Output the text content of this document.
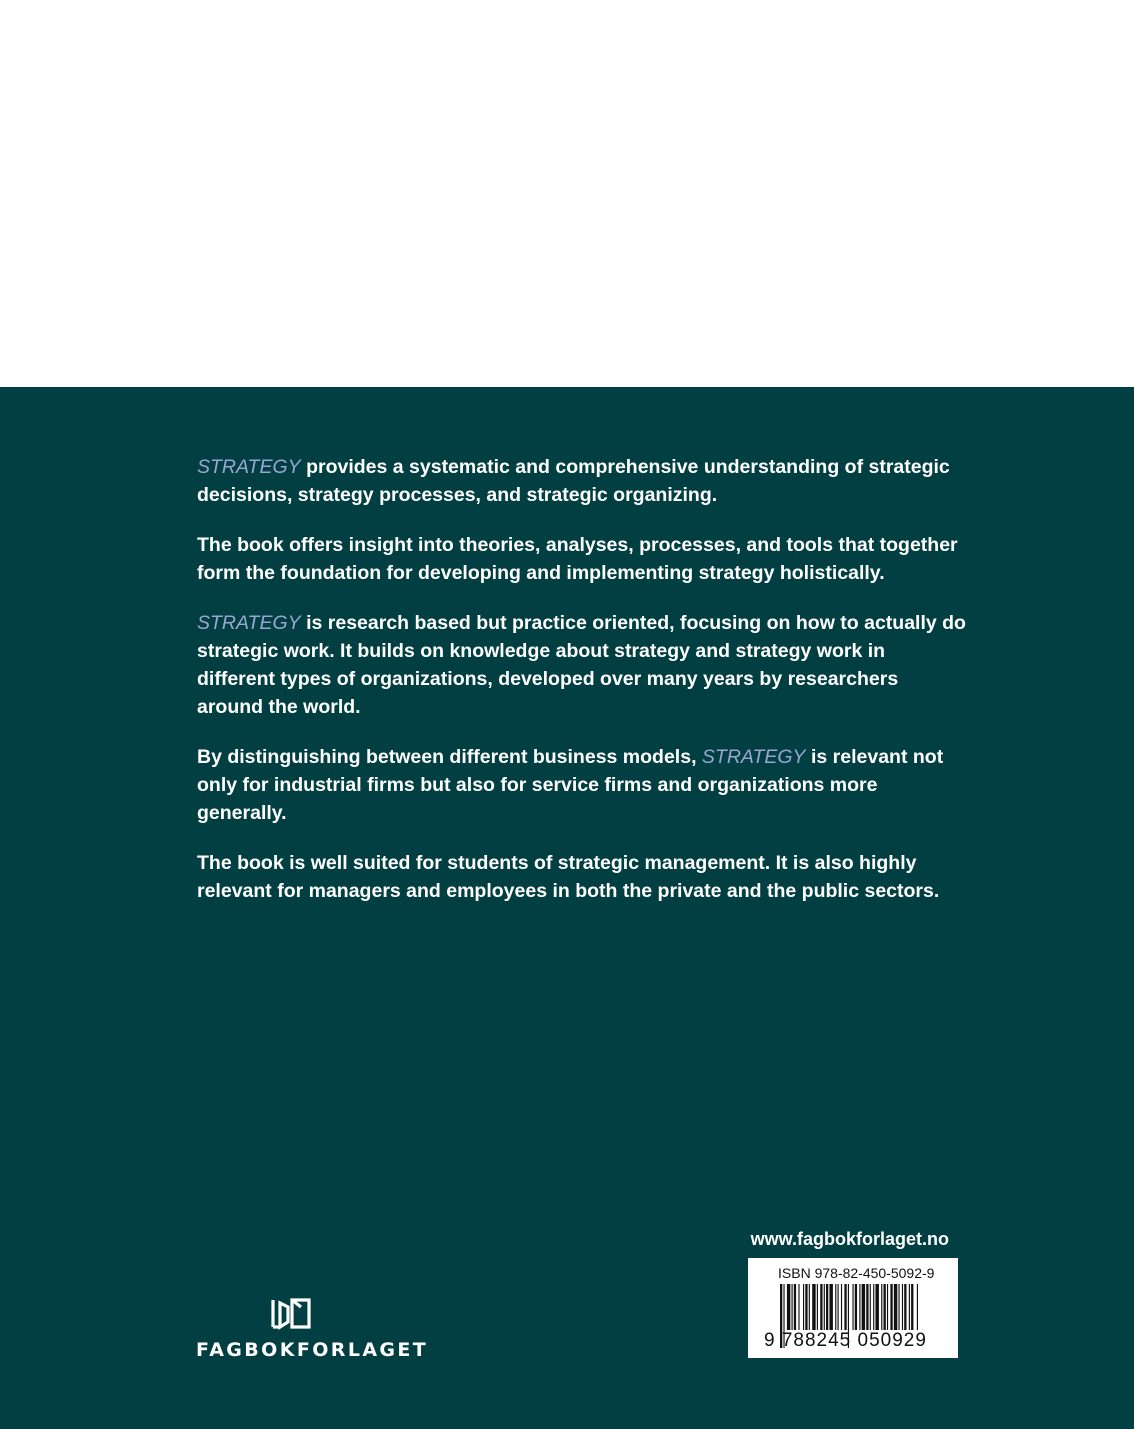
STRATEGY provides a systematic and comprehensive understanding of strategic decisions, strategy processes, and strategic organizing.

The book offers insight into theories, analyses, processes, and tools that together form the foundation for developing and implementing strategy holistically.

STRATEGY is research based but practice oriented, focusing on how to actually do strategic work. It builds on knowledge about strategy and strategy work in different types of organizations, developed over many years by researchers around the world.

By distinguishing between different business models, STRATEGY is relevant not only for industrial firms but also for service firms and organizations more generally.

The book is well suited for students of strategic management. It is also highly relevant for managers and employees in both the private and the public sectors.

www.fagbokforlaget.no
ISBN 978-82-450-5092-9
9 788245 050929
FAGBOKFORLAGET
